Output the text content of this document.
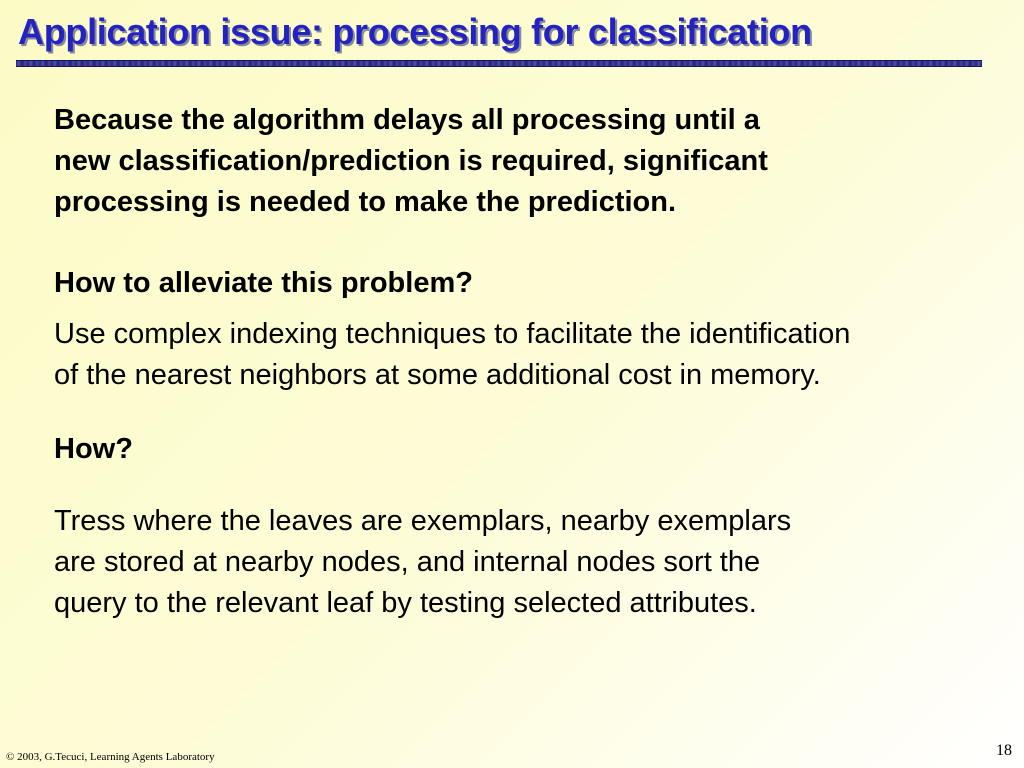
Application issue: processing for classification

Because the algorithm delays all processing until a
new classification/prediction is required, significant
processing is needed to make the prediction.

How to alleviate this problem?

Use complex indexing techniques to facilitate the identification
of the nearest neighbors at some additional cost in memory.

How?

Tress where the leaves are exemplars, nearby exemplars
are stored at nearby nodes, and internal nodes sort the
query to the relevant leaf by testing selected attributes.

© 2003, G.Tecuci, Learning Agents Laboratory	18
